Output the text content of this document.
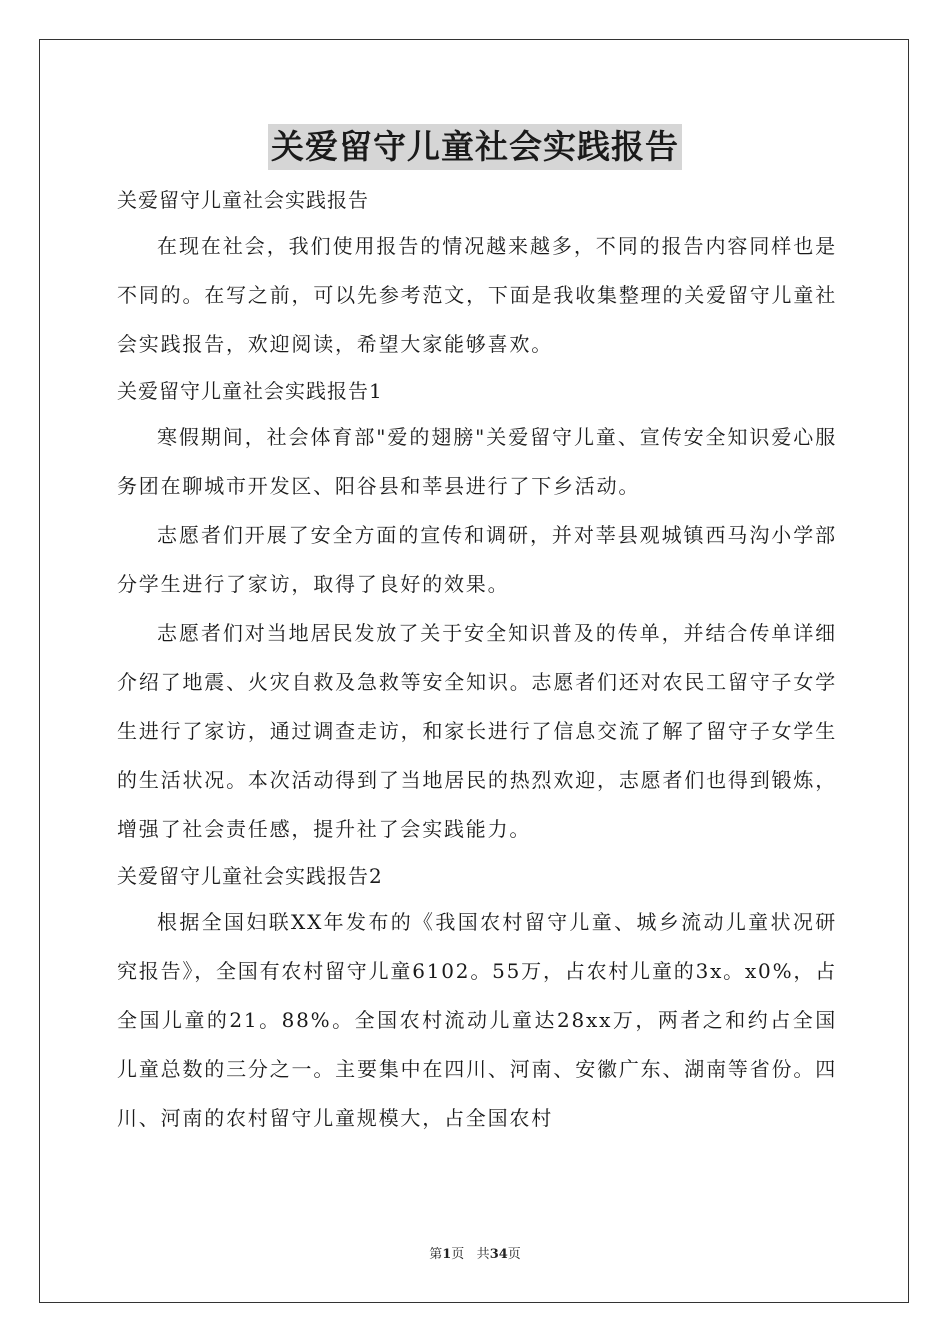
关爱留守儿童社会实践报告

关爱留守儿童社会实践报告

在现在社会，我们使用报告的情况越来越多，不同的报告内容同样也是不同的。在写之前，可以先参考范文，下面是我收集整理的关爱留守儿童社会实践报告，欢迎阅读，希望大家能够喜欢。

关爱留守儿童社会实践报告1

寒假期间，社会体育部"爱的翅膀"关爱留守儿童、宣传安全知识爱心服务团在聊城市开发区、阳谷县和莘县进行了下乡活动。

志愿者们开展了安全方面的宣传和调研，并对莘县观城镇西马沟小学部分学生进行了家访，取得了良好的效果。

志愿者们对当地居民发放了关于安全知识普及的传单，并结合传单详细介绍了地震、火灾自救及急救等安全知识。志愿者们还对农民工留守子女学生进行了家访，通过调查走访，和家长进行了信息交流了解了留守子女学生的生活状况。本次活动得到了当地居民的热烈欢迎，志愿者们也得到锻炼，增强了社会责任感，提升社了会实践能力。

关爱留守儿童社会实践报告2

根据全国妇联XX年发布的《我国农村留守儿童、城乡流动儿童状况研究报告》，全国有农村留守儿童6102。55万，占农村儿童的3x。x0%，占全国儿童的21。88%。全国农村流动儿童达28xx万，两者之和约占全国儿童总数的三分之一。主要集中在四川、河南、安徽广东、湖南等省份。四川、河南的农村留守儿童规模大，占全国农村

第1页 共34页
